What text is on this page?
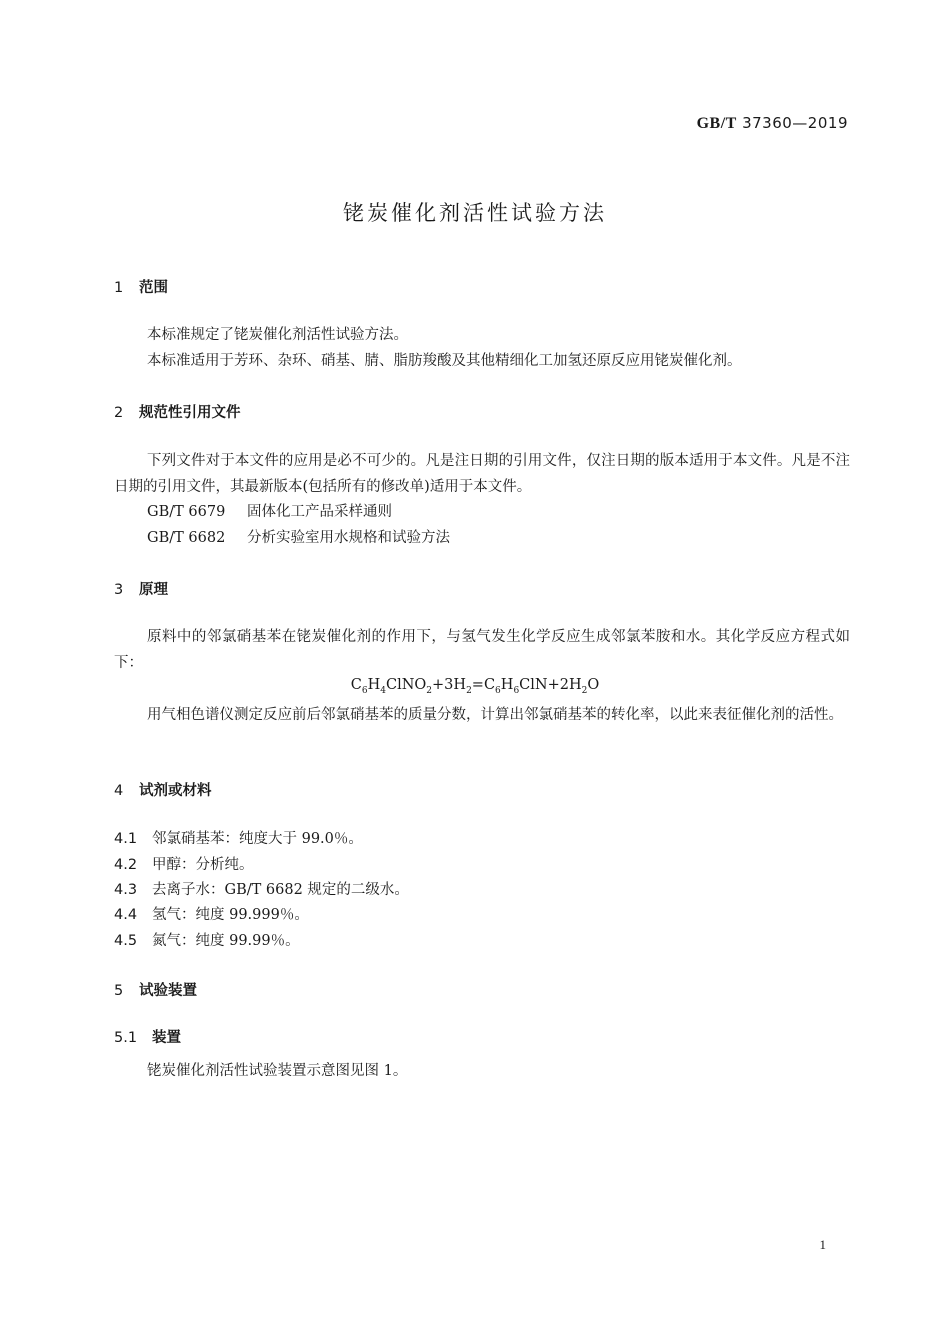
GB/T 37360—2019
铑炭催化剂活性试验方法
1 范围
本标准规定了铑炭催化剂活性试验方法。
本标准适用于芳环、杂环、硝基、腈、脂肪羧酸及其他精细化工加氢还原反应用铑炭催化剂。
2 规范性引用文件
下列文件对于本文件的应用是必不可少的。凡是注日期的引用文件，仅注日期的版本适用于本文件。凡是不注日期的引用文件，其最新版本(包括所有的修改单)适用于本文件。
GB/T 6679 固体化工产品采样通则
GB/T 6682 分析实验室用水规格和试验方法
3 原理
原料中的邻氯硝基苯在铑炭催化剂的作用下，与氢气发生化学反应生成邻氯苯胺和水。其化学反应方程式如下：
$C_6H_4ClNO_2+3H_2=C_6H_6ClN+2H_2O$
用气相色谱仪测定反应前后邻氯硝基苯的质量分数，计算出邻氯硝基苯的转化率，以此来表征催化剂的活性。
4 试剂或材料
4.1 邻氯硝基苯：纯度大于 99.0％。
4.2 甲醇：分析纯。
4.3 去离子水：GB/T 6682 规定的二级水。
4.4 氢气：纯度 99.999％。
4.5 氮气：纯度 99.99％。
5 试验装置
5.1 装置
铑炭催化剂活性试验装置示意图见图 1。
1
